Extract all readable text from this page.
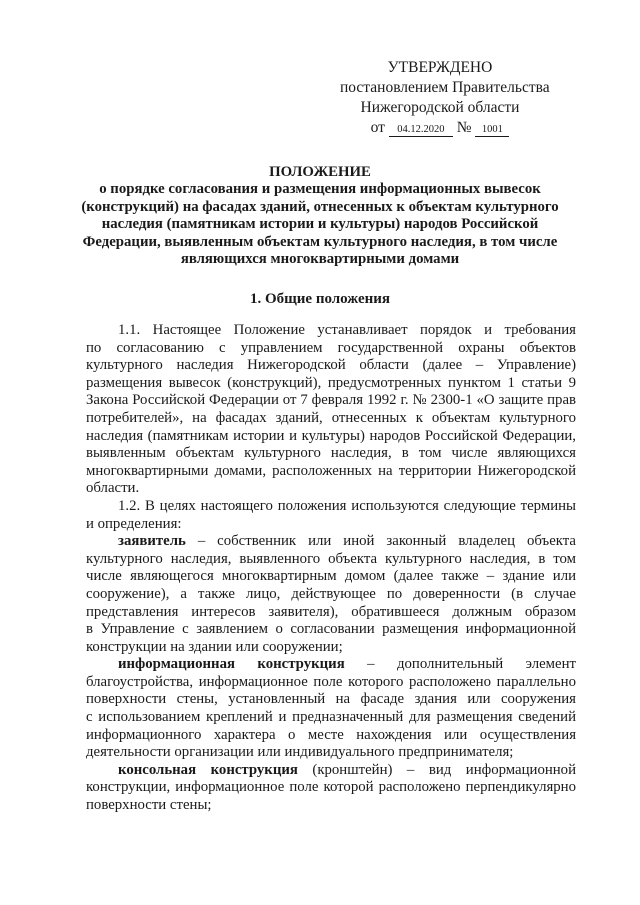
УТВЕРЖДЕНО
постановлением Правительства
Нижегородской области
от 04.12.2020 № 1001
ПОЛОЖЕНИЕ
о порядке согласования и размещения информационных вывесок
(конструкций) на фасадах зданий, отнесенных к объектам культурного
наследия (памятникам истории и культуры) народов Российской
Федерации, выявленным объектам культурного наследия, в том числе
являющихся многоквартирными домами
1. Общие положения
1.1. Настоящее Положение устанавливает порядок и требования
по согласованию с управлением государственной охраны объектов
культурного наследия Нижегородской области (далее – Управление)
размещения вывесок (конструкций), предусмотренных пунктом 1 статьи 9
Закона Российской Федерации от 7 февраля 1992 г. № 2300-1 «О защите прав
потребителей», на фасадах зданий, отнесенных к объектам культурного
наследия (памятникам истории и культуры) народов Российской Федерации,
выявленным объектам культурного наследия, в том числе являющихся
многоквартирными домами, расположенных на территории Нижегородской
области.
1.2. В целях настоящего положения используются следующие термины
и определения:
заявитель – собственник или иной законный владелец объекта
культурного наследия, выявленного объекта культурного наследия, в том
числе являющегося многоквартирным домом (далее также – здание или
сооружение), а также лицо, действующее по доверенности (в случае
представления интересов заявителя), обратившееся должным образом
в Управление с заявлением о согласовании размещения информационной
конструкции на здании или сооружении;
информационная конструкция – дополнительный элемент
благоустройства, информационное поле которого расположено параллельно
поверхности стены, установленный на фасаде здания или сооружения
с использованием креплений и предназначенный для размещения сведений
информационного характера о месте нахождения или осуществления
деятельности организации или индивидуального предпринимателя;
консольная конструкция (кронштейн) – вид информационной
конструкции, информационное поле которой расположено перпендикулярно
поверхности стены;
